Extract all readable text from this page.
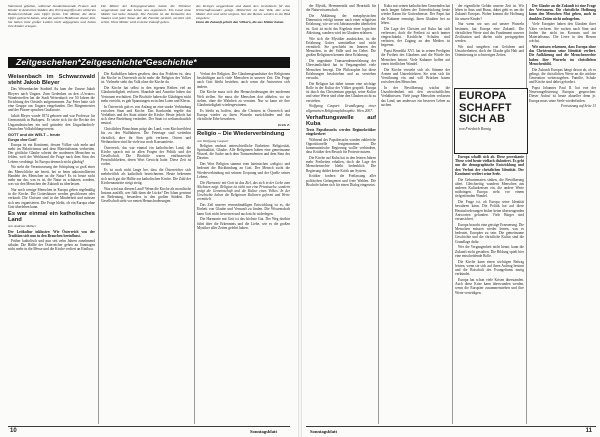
Vaterland gefallen, während hunderttausende Frauen und Kinder in deutschen Städten den Terrorangriffen der alliierten Bomberverbände zum Opfer fielen. Die Mütter, die diese Opfer gebracht haben, sind die wahren Heldinnen dieser Zeit. Sie haben trotz großer Leiden nicht aufgegeben und haben ihre Kinder erzogen.

Die Mütter der Kriegsgeneration haben die Trümmer weggeräumt und das Leben neu organisiert. Ein Land ohne Mütter hat keine Zukunft. Die Familie ist die Keimzelle des Staates und jeder Staat, der die Familie zerstört, zerstört sich selbst. Ohne Mütter wird es keine Zukunft geben.

des Krieges weggeräumt und damit den Grundstein für das Wirtschaftswunder gelegt. Mütterlich ist das Volk, das seine Mütter ehrt und nicht vergisst. Nur die Besten werden in ein Bild eingehen:

Denn die Zukunft gehört den Völkern, die aus Mütter haben.

Zeitgeschehen*Zeitgeschichte*Geschichte*
Weisenbach im Schwarzwald steht Jakob Bleyer

Das Weisenbacher Stadtteil Au kam der Unsere Jakob Bleyers nach Ungarn. Zum Gedenken an den »Urvater« Wandertreffen hat die Stadt Weisenbach vor 50 Jahren die Errichtung des Ortsteils aufgenommen. Zur Feier hatte sich eine Gruppe aus Ungarn eingefunden. Der Bürgermeister und der Pfarrer sprachen Grußworte.

Jakob Bleyer wurde 1874 geboren und war Professor für Germanistik in Budapest. Er setzte sich für die Rechte der Ungarndeutschen ein und gründete den Ungarländisch-Deutschen Volksbildungsverein.

GOTT und die WELT – heute
Europa ohne Gott?

Europa ist ein Kontinent, dessen Völker sich mehr und mehr im Relativismus und dem Materialismus verbreiten. Der göttliche Glaube scheint der modernen Menschen zu fehlen, weil der Wohlstand die Frage nach dem Sinn des Lebens verdrängt. Ist Europa dennoch nicht gläubig?

Wo steht die Verantwortung der Schöpfung so groß einer das Menschliche nie bereit, bei so beim unkontrollierten Handeln des Menschen an die Natur? Es ist heute nicht mehr nur das, was es ist, die Natur zu schützen, sondern, was wir den Menschen der Zukunft zu überlassen.

Nur noch wenige Menschen in Europa gehen regelmäßig in die Kirche. Die Gotteshäuser werden geschlossen oder verkauft. Die Christen sind in der Minderheit und müssen sich neu organisieren. Die Frage bleibt, ob ein Europa ohne Gott überleben kann.

Es war einmal ein katholisches Land
von Andreas Mölzer
Der Leitkultur inklusive: Wie Österreich von der Tradition sich nun in den Brauchen beeinflusst.

Früher katholisch und nun seit zehn Jahren zunehmend säkular. Die Hälfte der Österreicher gehen an Sonntagen nicht mehr in die Messe und die Kirche verliert an Einfluss.

Die Katholiken haben gesehen, dass das Problem ist, dass die Kirche in Österreich nicht mehr die Religion des Volkes ist. Vielmehr steht das Volk ohne die Kirche da.

Die Kirche hat selbst in den eigenen Reihen viel an Glaubwürdigkeit verloren. Skandale und Austritte haben das Vertrauen erschüttert. Die Bischöfe haben die Gläubigen nicht mehr erreicht, es gab Spannungen zwischen Laien und Klerus.

In Österreich gab es von Anfang an eine starke Verbindung zwischen Staat und Kirche. Das Konkordat regelte das Verhältnis und der Staat stützte die Kirche. Heute jedoch hat sich diese Beziehung verändert. Der Staat ist weltanschaulich neutral.

Christliches Brauchtum prägt das Land, vom Kirchweihfest bis zu den Wallfahrten. Die Feiertage sind weiterhin christlich, aber ihr Sinn geht verloren. Ostern und Weihnachten sind für viele nur noch Konsumfeste.

Österreich, das war einmal ein katholisches Land, die Kirche sprach mit in allen Fragen der Politik und der Gesellschaft. Die Bischöfe waren einflussreiche Persönlichkeiten, deren Wort Gewicht hatte. Diese Zeit ist vorbei.

Es ist noch nicht lange her, dass die Österreicher sich mehrheitlich als katholisch bezeichneten. Heute bekennen sich noch gut die Hälfte zur katholischen Kirche. Die Zahl der Kirchenaustritte steigt stetig.

Was wird aus diesem Land? Wenn die Kirche als moralische Instanz ausfällt, wer füllt dann die Lücke? Der Islam gewinnt an Bedeutung, besonders in den großen Städten. Die Gesellschaft steht vor neuen Herausforderungen.

Verlust der Religion. Die Glaubensgrundsätze der Religionen beschäftigen auch viele Menschen in unserer Zeit. Die Frage nach Gott bleibt bestehen, auch wenn die Antworten sich ändern.

Die Kirche muss sich den Herausforderungen der modernen Welt stellen. Sie muss die Menschen dort abholen, wo sie stehen, ohne die Wahrheit zu verraten. Nur so kann sie ihre Glaubwürdigkeit wiedergewinnen.

Es bleibt zu hoffen, dass die Christen in Österreich und Europa wieder zu ihren Wurzeln zurückfinden und das christliche Erbe bewahren.

Erich Z.
Religio – Die Wiederverbindung
von Wolfgang Caspart

Religion umfasst unterschiedliche Einheiten: Religiosität, Spiritualität, Glaube. Alle Religionen haben eine gemeinsame Wurzel, die Suche nach dem Transzendenten und dem Sinn des Daseins.

Das Wort Religion stammt vom lateinischen »religio« und bedeutet die Rückbindung an Gott. Der Mensch sucht die Wiederverbindung mit seinem Ursprung und der Quelle seines Lebens.

Die Harmonie mit Gott ist das Ziel, das sich in der Liebe zum Nächsten zeigt. Religion ist nicht nur eine Privatsache, sondern prägt die Gemeinschaft und die Kultur eines Volkes. In der Geschichte haben die Religionen Kulturen geformt und Werte vermittelt.

Das Zeil unserer vernunftmäßigen Entwicklung ist es, die Einheit von Glaube und Vernunft zu finden. Die Wissenschaft kann Gott nicht beweisen und auch nicht widerlegen.

Die Harmonie mit Gott ist das höchste Gut. Der Weg dorthin führt über die Erkenntnis und die Liebe, wie es die großen Mystiker aller Zeiten gelehrt haben.

10	Sonntagsblatt

der Mystik, Hermeneutik und Heuristik für die Naturwissenschaft.

Die Abklärung der metaphysischen Dimension erfolgt immer nach einer religiösen Erfahrung, wie sie seit Jahrtausenden überliefert ist. Gott ist nicht das Ergebnis einer logischen Ableitung, sondern wird im Glauben erfahren.

Wie sich die Mystiker ausdrücken, ist die Erfahrung Gottes unmittelbar und nicht vermittelt. Sie geschieht im Inneren des Menschen, in der Stille und im Gebet. Die großen Religionen kennen diese Erfahrung.

Die ungeahnte Transzendenzerfahrung der Übersinnlichkeit hat in Vergangenheit viele Menschen bewegt. Die Philosophie hat diese Erfahrungen beschrieben und zu verstehen versucht.

Die Religion hat daher immer eine wichtige Rolle in der Kultur der Völker gespielt. Europa ist durch das Christentum geprägt, seine Kultur und seine Werte sind ohne den Glauben nicht zu verstehen.

Wolfgang Caspart: Grundlegung einer allgemeinen Religionsphilosophie. Wien 2007.

Verhaftungswelle auf Kuba
Trotz Papstbesuchs werden Regimekritiker eingekerkert

Während des Papstbesuchs wurden zahlreiche Oppositionelle festgenommen. Die kommunistische Regierung wollte verhindern, dass Kritiker den Besuch für Proteste nutzen.

Die Kirche auf Kuba hat in den letzten Jahren mehr Freiheiten erhalten, doch die Lage der Menschenrechte bleibt bedenklich. Die Regierung duldet keine Kritik am System.

Kritiker fordern die Freilassung aller politischen Gefangenen und freie Wahlen. Die Bischöfe haben sich für einen Dialog eingesetzt.

Kuba mit seinen katholischen Gemeinden hat nach langen Jahren der Unterdrückung heute wieder Raum für Gottesdienste. Der Papst hat die Kubaner ermutigt, ihren Glauben frei zu leben.

Die Lage der Christen auf Kuba hat sich verbessert, doch die Freiheit ist noch immer eingeschränkt. Kirchliche Schulen sind verboten, der Zugang zu den Medien ist begrenzt.

Papst Benedikt XVI. hat in seinen Predigten die Freiheit des Glaubens und die Würde des Menschen betont. Viele Kubaner hoffen auf einen friedlichen Wandel.

Die Kirche versteht sich als Stimme der Armen und Unterdrückten. Sie setzt sich für Versöhnung ein und will Brücken bauen zwischen den Menschen.

In der Bevölkerung wächst die Unzufriedenheit mit den wirtschaftlichen Verhältnissen. Viele junge Menschen verlassen das Land, um anderswo ein besseres Leben zu suchen.

der eigentliche Gefahr unserer Zeit ist. Wir leben in Saus und Braus, dabei geht es um die Zukunft Europas. Woher kommt die Hoffnung für unsere Kinder?

Nur wenn wir uns auf unsere Wurzeln besinnen, hat Europa eine Zukunft. Die christlichen Werte sind das Fundament unserer Zivilisation und dürfen nicht preisgegeben werden.

Wir sind umgeben von Gefahren und Unsicherheiten, doch der Glaube gibt Halt und Orientierung in schwierigen Zeiten.

EUROPA SCHAFFT
SICH AB
von Friedrich Romig

Europa schafft sich ab. Diese provokante These wird heute vielfach diskutiert. Es geht um die demographische Entwicklung und den Verlust der christlichen Identität. Der Kontinent verliert seine Seele.

Die Geburtenraten sinken, die Bevölkerung altert. Gleichzeitig wandern Menschen aus anderen Kulturkreisen ein, die andere Werte mitbringen. Europa steht vor einem tiefgreifenden Wandel.

Die Frage ist, ob Europa seine Identität bewahren kann. Die Politik hat auf diese Herausforderungen bisher keine überzeugenden Antworten gefunden. Viele Bürger sind verunsichert.

Europa braucht eine geistige Erneuerung. Die Menschen müssen wieder lernen, was es bedeutet, Europäer zu sein. Die gemeinsame Geschichte und die christliche Kultur sind die Grundlage dafür.

Wer die Vergangenheit nicht kennt, kann die Zukunft nicht gestalten. Die Bildung spielt hier eine entscheidende Rolle.

Die Kirche kann einen wichtigen Beitrag leisten, wenn sie sich auf ihren Auftrag besinnt und die Botschaft des Evangeliums mutig verkündet.

Europa hat schon viele Krisen überstanden. Auch diese Krise kann überwunden werden, wenn die Europäer zusammenstehen und ihre Werte verteidigen.

Der Glaube an die Zukunft ist eine Frage des Vertrauens. Die christliche Hoffnung kann den Menschen Mut geben, auch in dunklen Zeiten nicht aufzugeben.

Viele Europäer haben den Glauben ihrer Väter verloren. Sie suchen nach Sinn und finden ihn nicht im Konsum und im Materialismus. Die Leere in den Herzen wächst.

Wir müssen erkennen, dass Europa ohne das Christentum seine Identität verliert. Die Aufklärung und die Menschenrechte haben ihre Wurzeln im christlichen Menschenbild.

Die Zukunft Europas hängt davon ab, ob es gelingt, die christlichen Werte an die nächste Generation weiterzugeben. Familie, Schule und Kirche sind dabei gefordert.

Papst Johannes Paul II. hat von der Neuevangelisierung Europas gesprochen. Dieser Aufruf ist heute aktueller denn je. Europa muss seine Seele wiederfinden.

Fortsetzung auf Seite 13

Sonntagsblatt	11
